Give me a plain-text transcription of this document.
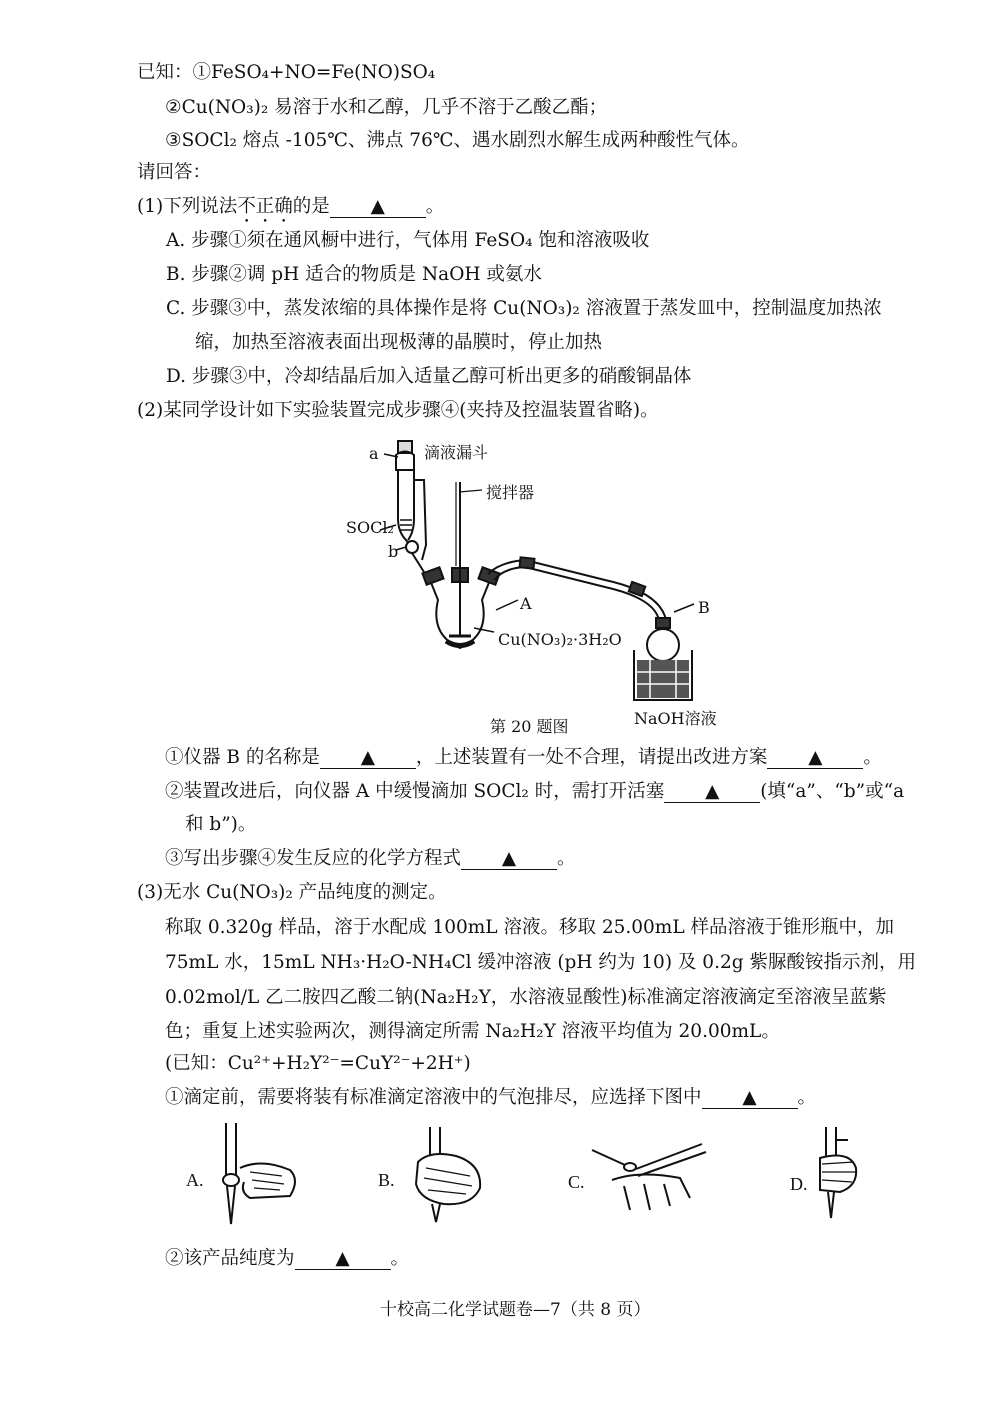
已知：①FeSO₄+NO=Fe(NO)SO₄
②Cu(NO₃)₂ 易溶于水和乙醇，几乎不溶于乙酸乙酯；
③SOCl₂ 熔点 -105℃、沸点 76℃、遇水剧烈水解生成两种酸性气体。
请回答：
(1)下列说法不正确的是 ▲ 。
A. 步骤①须在通风橱中进行，气体用 FeSO₄ 饱和溶液吸收
B. 步骤②调 pH 适合的物质是 NaOH 或氨水
C. 步骤③中，蒸发浓缩的具体操作是将 Cu(NO₃)₂ 溶液置于蒸发皿中，控制温度加热浓
缩，加热至溶液表面出现极薄的晶膜时，停止加热
D. 步骤③中，冷却结晶后加入适量乙醇可析出更多的硝酸铜晶体
(2)某同学设计如下实验装置完成步骤④(夹持及控温装置省略)。
a	滴液漏斗
搅拌器
SOCl₂
b
A	B
Cu(NO₃)₂·3H₂O
NaOH溶液
第 20 题图
①仪器 B 的名称是 ▲ ，上述装置有一处不合理，请提出改进方案 ▲ 。
②装置改进后，向仪器 A 中缓慢滴加 SOCl₂ 时，需打开活塞 ▲ (填“a”、“b”或“a
和 b”)。
③写出步骤④发生反应的化学方程式 ▲ 。
(3)无水 Cu(NO₃)₂ 产品纯度的测定。
称取 0.320g 样品，溶于水配成 100mL 溶液。移取 25.00mL 样品溶液于锥形瓶中，加
75mL 水，15mL NH₃·H₂O-NH₄Cl 缓冲溶液 (pH 约为 10) 及 0.2g 紫脲酸铵指示剂，用
0.02mol/L 乙二胺四乙酸二钠(Na₂H₂Y，水溶液显酸性)标准滴定溶液滴定至溶液呈蓝紫
色；重复上述实验两次，测得滴定所需 Na₂H₂Y 溶液平均值为 20.00mL。
(已知：Cu²⁺+H₂Y²⁻=CuY²⁻+2H⁺)
①滴定前，需要将装有标准滴定溶液中的气泡排尽，应选择下图中 ▲ 。
A.	B.	C.	D.
②该产品纯度为 ▲ 。
十校高二化学试题卷—7（共 8 页）
